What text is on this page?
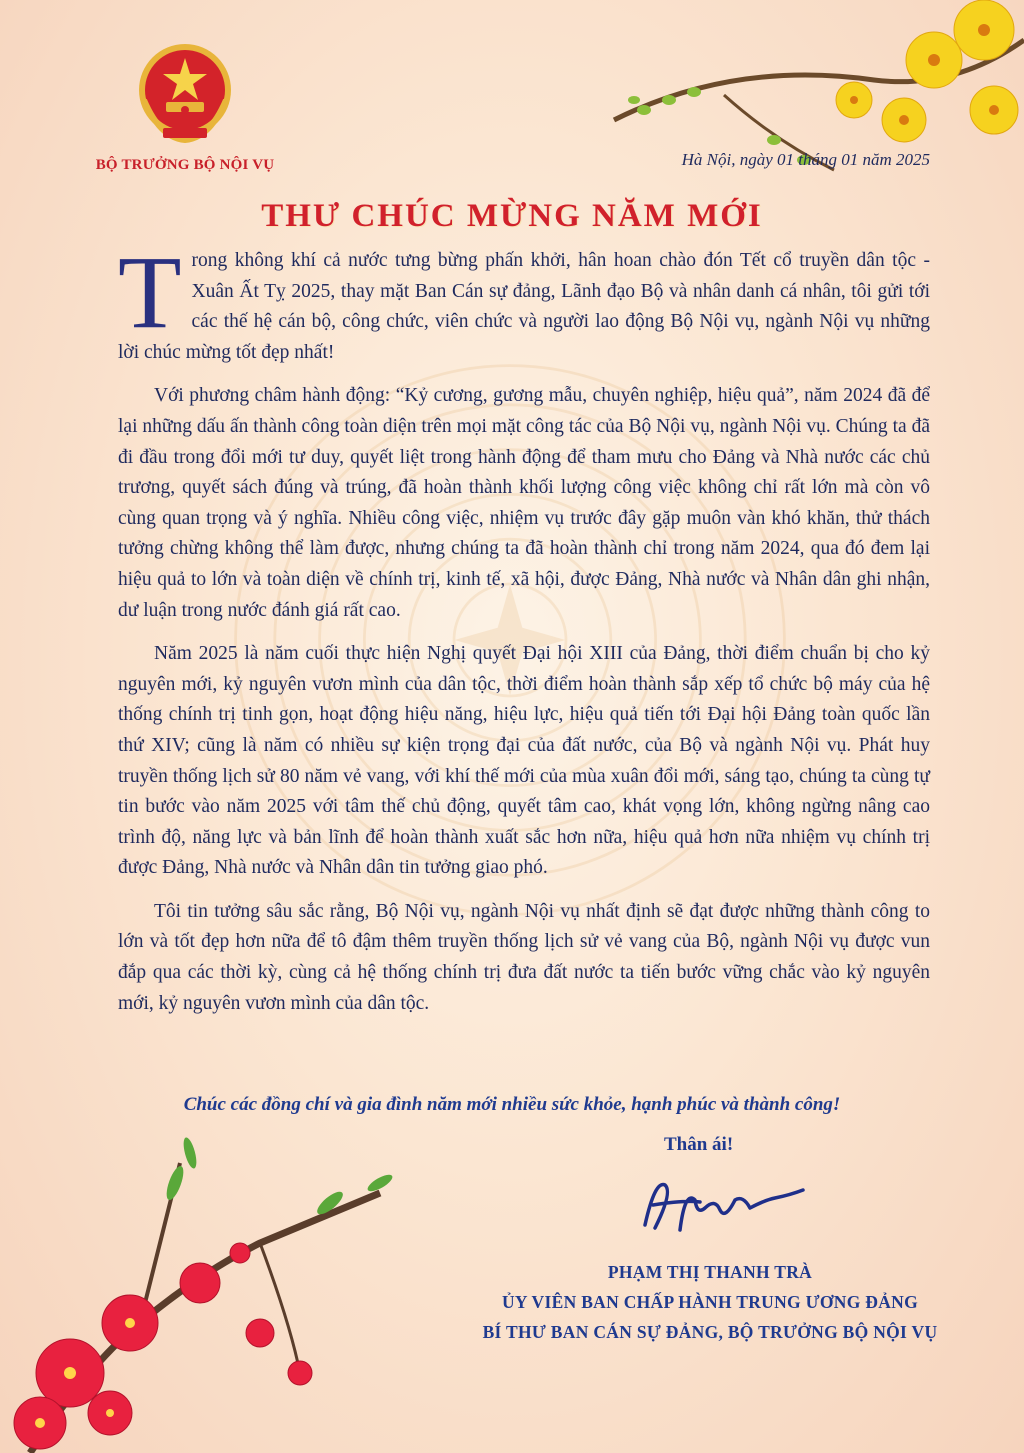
BỘ TRƯỞNG BỘ NỘI VỤ	Hà Nội, ngày 01 tháng 01 năm 2025
THƯ CHÚC MỪNG NĂM MỚI

Trong không khí cả nước tưng bừng phấn khởi, hân hoan chào đón Tết cổ truyền dân tộc - Xuân Ất Tỵ 2025, thay mặt Ban Cán sự đảng, Lãnh đạo Bộ và nhân danh cá nhân, tôi gửi tới các thế hệ cán bộ, công chức, viên chức và người lao động Bộ Nội vụ, ngành Nội vụ những lời chúc mừng tốt đẹp nhất!

Với phương châm hành động: “Kỷ cương, gương mẫu, chuyên nghiệp, hiệu quả”, năm 2024 đã để lại những dấu ấn thành công toàn diện trên mọi mặt công tác của Bộ Nội vụ, ngành Nội vụ. Chúng ta đã đi đầu trong đổi mới tư duy, quyết liệt trong hành động để tham mưu cho Đảng và Nhà nước các chủ trương, quyết sách đúng và trúng, đã hoàn thành khối lượng công việc không chỉ rất lớn mà còn vô cùng quan trọng và ý nghĩa. Nhiều công việc, nhiệm vụ trước đây gặp muôn vàn khó khăn, thử thách tưởng chừng không thể làm được, nhưng chúng ta đã hoàn thành chỉ trong năm 2024, qua đó đem lại hiệu quả to lớn và toàn diện về chính trị, kinh tế, xã hội, được Đảng, Nhà nước và Nhân dân ghi nhận, dư luận trong nước đánh giá rất cao.

Năm 2025 là năm cuối thực hiện Nghị quyết Đại hội XIII của Đảng, thời điểm chuẩn bị cho kỷ nguyên mới, kỷ nguyên vươn mình của dân tộc, thời điểm hoàn thành sắp xếp tổ chức bộ máy của hệ thống chính trị tinh gọn, hoạt động hiệu năng, hiệu lực, hiệu quả tiến tới Đại hội Đảng toàn quốc lần thứ XIV; cũng là năm có nhiều sự kiện trọng đại của đất nước, của Bộ và ngành Nội vụ. Phát huy truyền thống lịch sử 80 năm vẻ vang, với khí thế mới của mùa xuân đổi mới, sáng tạo, chúng ta cùng tự tin bước vào năm 2025 với tâm thế chủ động, quyết tâm cao, khát vọng lớn, không ngừng nâng cao trình độ, năng lực và bản lĩnh để hoàn thành xuất sắc hơn nữa, hiệu quả hơn nữa nhiệm vụ chính trị được Đảng, Nhà nước và Nhân dân tin tưởng giao phó.

Tôi tin tưởng sâu sắc rằng, Bộ Nội vụ, ngành Nội vụ nhất định sẽ đạt được những thành công to lớn và tốt đẹp hơn nữa để tô đậm thêm truyền thống lịch sử vẻ vang của Bộ, ngành Nội vụ được vun đắp qua các thời kỳ, cùng cả hệ thống chính trị đưa đất nước ta tiến bước vững chắc vào kỷ nguyên mới, kỷ nguyên vươn mình của dân tộc.

Chúc các đồng chí và gia đình năm mới nhiều sức khỏe, hạnh phúc và thành công!
Thân ái!
PHẠM THỊ THANH TRÀ
ỦY VIÊN BAN CHẤP HÀNH TRUNG ƯƠNG ĐẢNG
BÍ THƯ BAN CÁN SỰ ĐẢNG, BỘ TRƯỞNG BỘ NỘI VỤ
